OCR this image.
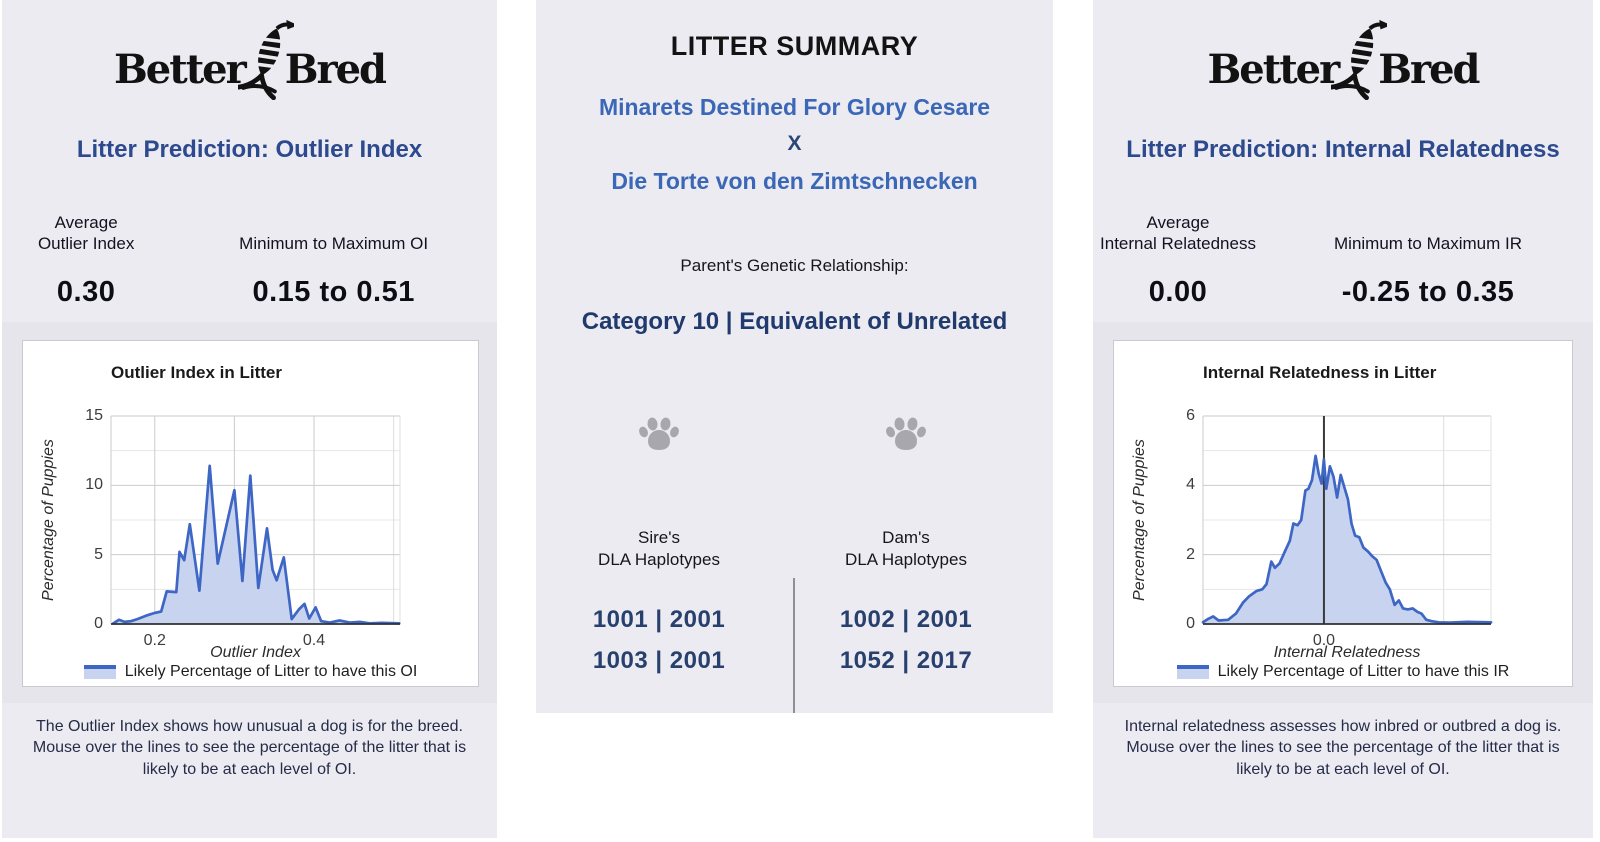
Better Bred
Litter Prediction: Outlier Index
Average
Outlier Index
0.30
Minimum to Maximum OI
0.15 to 0.51
Outlier Index in Litter
Percentage of Puppies
Outlier Index
Likely Percentage of Litter to have this OI
0
5
10
15
0.2	0.4
The Outlier Index shows how unusual a dog is for the breed. Mouse over the lines to see the percentage of the litter that is likely to be at each level of OI.
LITTER SUMMARY
Minarets Destined For Glory Cesare
X
Die Torte von den Zimtschnecken
Parent's Genetic Relationship:
Category 10 | Equivalent of Unrelated
Sire's
DLA Haplotypes
Dam's
DLA Haplotypes
1001 | 2001
1003 | 2001
1002 | 2001
1052 | 2017
Better Bred
Litter Prediction: Internal Relatedness
Average
Internal Relatedness
0.00
Minimum to Maximum IR
-0.25 to 0.35
Internal Relatedness in Litter
Percentage of Puppies
Internal Relatedness
Likely Percentage of Litter to have this IR
0
2
4
6
0.0
Internal relatedness assesses how inbred or outbred a dog is. Mouse over the lines to see the percentage of the litter that is likely to be at each level of OI.
